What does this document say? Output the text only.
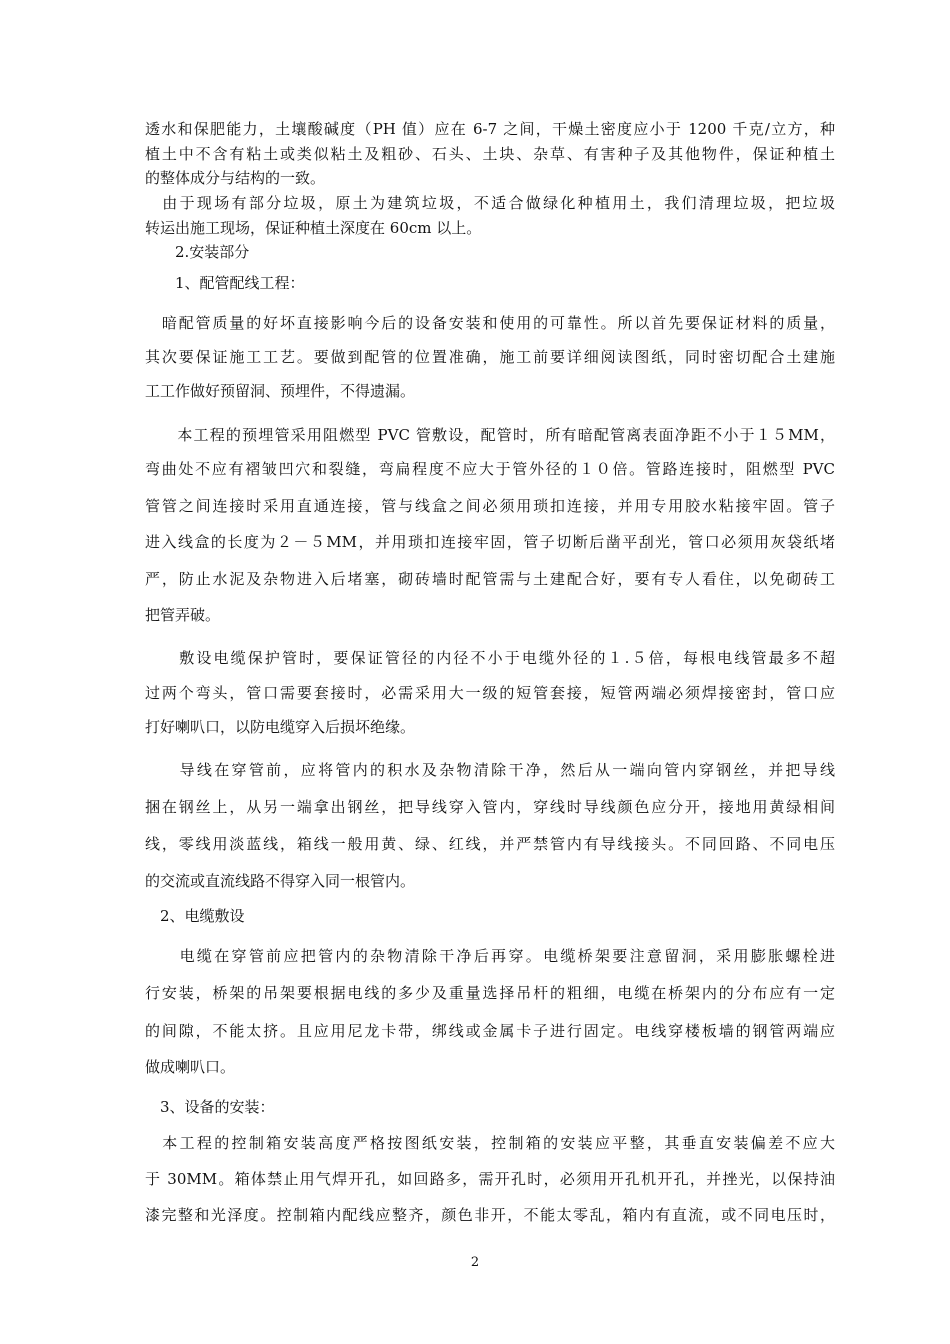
透水和保肥能力，土壤酸碱度（PH 值）应在 6-7 之间，干燥土密度应小于 1200 千克/立方，种

植土中不含有粘土或类似粘土及粗砂、石头、土块、杂草、有害种子及其他物件，保证种植土

的整体成分与结构的一致。

　由于现场有部分垃圾，原土为建筑垃圾，不适合做绿化种植用土，我们清理垃圾，把垃圾

转运出施工现场，保证种植土深度在 60cm 以上。

　　2.安装部分

　　1、配管配线工程：

　暗配管质量的好坏直接影响今后的设备安装和使用的可靠性。所以首先要保证材料的质量，

其次要保证施工工艺。要做到配管的位置准确，施工前要详细阅读图纸，同时密切配合土建施

工工作做好预留洞、预埋件，不得遗漏。

　　本工程的预埋管采用阻燃型 PVC 管敷设，配管时，所有暗配管离表面净距不小于１５MM，

弯曲处不应有褶皱凹穴和裂缝，弯扁程度不应大于管外径的１０倍。管路连接时，阻燃型 PVC

管管之间连接时采用直通连接，管与线盒之间必须用琐扣连接，并用专用胶水粘接牢固。管子

进入线盒的长度为２－５MM，并用琐扣连接牢固，管子切断后凿平刮光，管口必须用灰袋纸堵

严，防止水泥及杂物进入后堵塞，砌砖墙时配管需与土建配合好，要有专人看住，以免砌砖工

把管弄破。

　　敷设电缆保护管时，要保证管径的内径不小于电缆外径的１.５倍，每根电线管最多不超

过两个弯头，管口需要套接时，必需采用大一级的短管套接，短管两端必须焊接密封，管口应

打好喇叭口，以防电缆穿入后损坏绝缘。

　　导线在穿管前，应将管内的积水及杂物清除干净，然后从一端向管内穿钢丝，并把导线

捆在钢丝上，从另一端拿出钢丝，把导线穿入管内，穿线时导线颜色应分开，接地用黄绿相间

线，零线用淡蓝线，箱线一般用黄、绿、红线，并严禁管内有导线接头。不同回路、不同电压

的交流或直流线路不得穿入同一根管内。

　2、电缆敷设

　　电缆在穿管前应把管内的杂物清除干净后再穿。电缆桥架要注意留洞，采用膨胀螺栓进

行安装，桥架的吊架要根据电线的多少及重量选择吊杆的粗细，电缆在桥架内的分布应有一定

的间隙，不能太挤。且应用尼龙卡带，绑线或金属卡子进行固定。电线穿楼板墙的钢管两端应

做成喇叭口。

　3、设备的安装：

　本工程的控制箱安装高度严格按图纸安装，控制箱的安装应平整，其垂直安装偏差不应大

于 30MM。箱体禁止用气焊开孔，如回路多，需开孔时，必须用开孔机开孔，并挫光，以保持油

漆完整和光泽度。控制箱内配线应整齐，颜色非开，不能太零乱，箱内有直流，或不同电压时，

2
